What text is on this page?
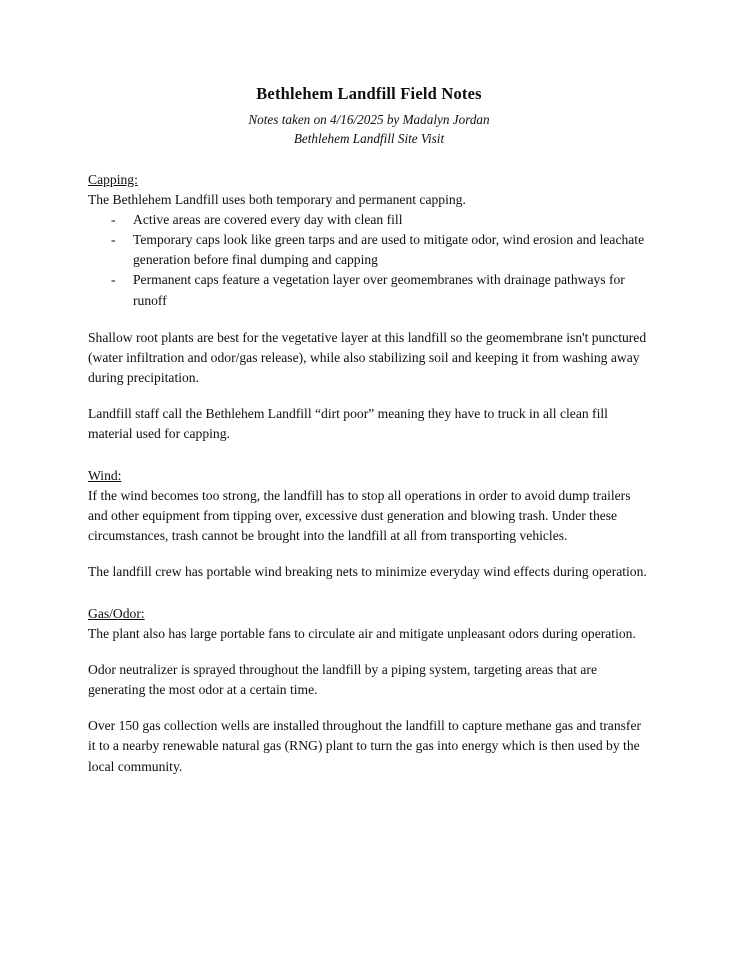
Bethlehem Landfill Field Notes
Notes taken on 4/16/2025 by Madalyn Jordan
Bethlehem Landfill Site Visit
Capping:

The Bethlehem Landfill uses both temporary and permanent capping.

- Active areas are covered every day with clean fill
- Temporary caps look like green tarps and are used to mitigate odor, wind erosion and leachate generation before final dumping and capping
- Permanent caps feature a vegetation layer over geomembranes with drainage pathways for runoff

Shallow root plants are best for the vegetative layer at this landfill so the geomembrane isn't punctured (water infiltration and odor/gas release), while also stabilizing soil and keeping it from washing away during precipitation.

Landfill staff call the Bethlehem Landfill “dirt poor” meaning they have to truck in all clean fill material used for capping.

Wind:

If the wind becomes too strong, the landfill has to stop all operations in order to avoid dump trailers and other equipment from tipping over, excessive dust generation and blowing trash. Under these circumstances, trash cannot be brought into the landfill at all from transporting vehicles.

The landfill crew has portable wind breaking nets to minimize everyday wind effects during operation.

Gas/Odor:

The plant also has large portable fans to circulate air and mitigate unpleasant odors during operation.

Odor neutralizer is sprayed throughout the landfill by a piping system, targeting areas that are generating the most odor at a certain time.

Over 150 gas collection wells are installed throughout the landfill to capture methane gas and transfer it to a nearby renewable natural gas (RNG) plant to turn the gas into energy which is then used by the local community.
